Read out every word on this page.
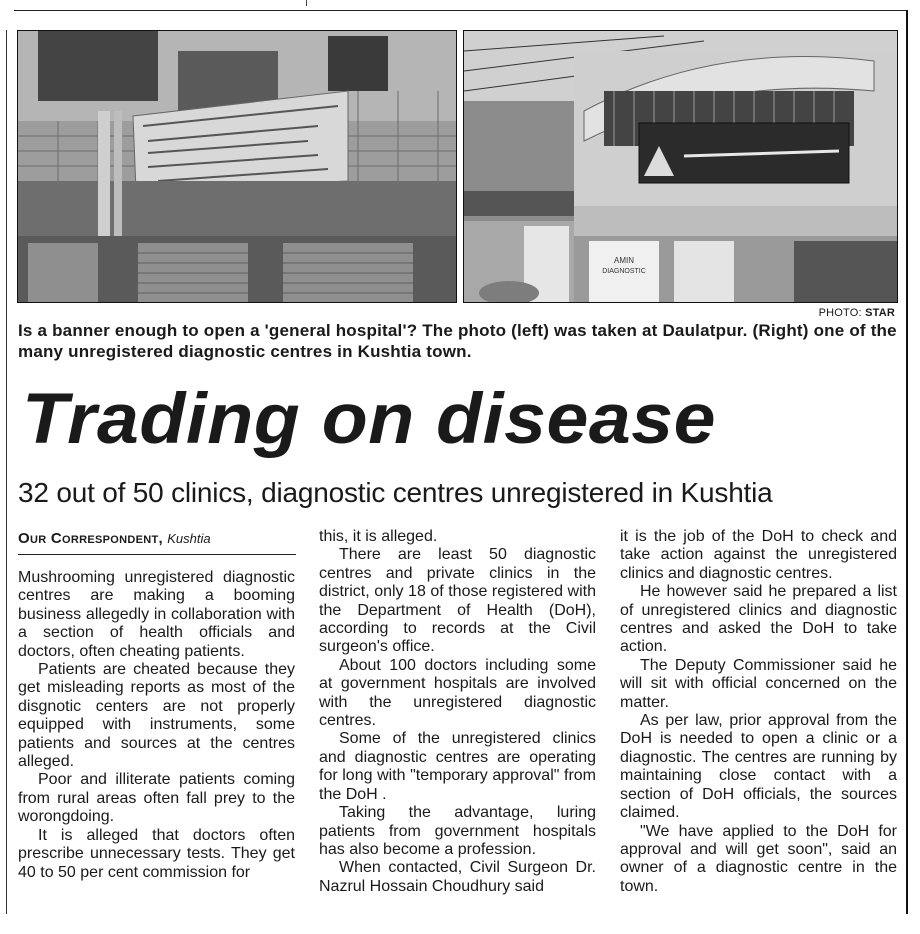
AMIN
DIAGNOSTIC
PHOTO: STAR
Is a banner enough to open a 'general hospital'? The photo (left) was taken at Daulatpur. (Right) one of the many unregistered diagnostic centres in Kushtia town.
Trading on disease
32 out of 50 clinics, diagnostic centres unregistered in Kushtia
Our Correspondent, Kushtia

Mushrooming unregistered diagnostic centres are making a booming business allegedly in collaboration with a section of health officials and doctors, often cheating patients.

Patients are cheated because they get misleading reports as most of the disgnotic centers are not properly equipped with instruments, some patients and sources at the centres alleged.

Poor and illiterate patients coming from rural areas often fall prey to the worongdoing.

It is alleged that doctors often prescribe unnecessary tests. They get 40 to 50 per cent commission for

this, it is alleged.

There are least 50 diagnostic centres and private clinics in the district, only 18 of those registered with the Department of Health (DoH), according to records at the Civil surgeon's office.

About 100 doctors including some at government hospitals are involved with the unregistered diagnostic centres.

Some of the unregistered clinics and diagnostic centres are operating for long with "temporary approval" from the DoH .

Taking the advantage, luring patients from government hospitals has also become a profession.

When contacted, Civil Surgeon Dr. Nazrul Hossain Choudhury said

it is the job of the DoH to check and take action against the unregistered clinics and diagnostic centres.

He however said he prepared a list of unregistered clinics and diagnostic centres and asked the DoH to take action.

The Deputy Commissioner said he will sit with official concerned on the matter.

As per law, prior approval from the DoH is needed to open a clinic or a diagnostic. The centres are running by maintaining close contact with a section of DoH officials, the sources claimed.

"We have applied to the DoH for approval and will get soon", said an owner of a diagnostic centre in the town.
